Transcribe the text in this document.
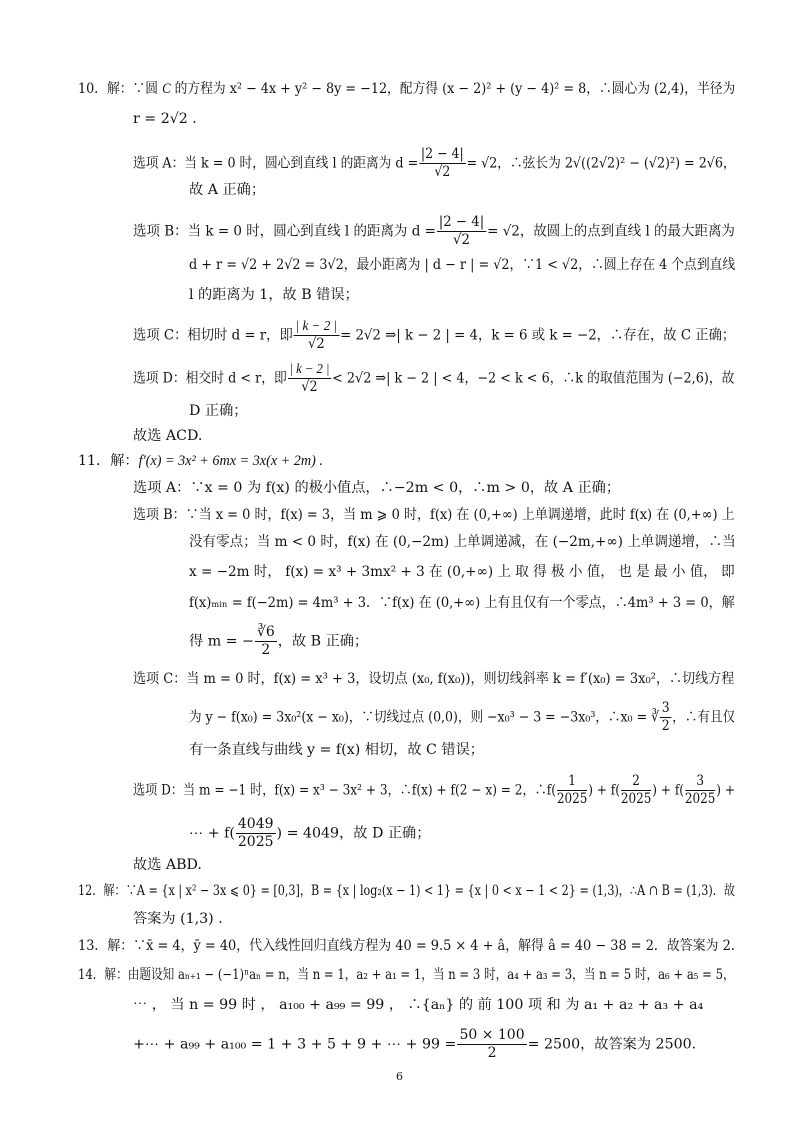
10．解：∵圆 C 的方程为 x² − 4x + y² − 8y = −12，配方得 (x − 2)² + (y − 4)² = 8，∴圆心为 (2,4)，半径为
r = 2√2 .
选项 A：当 k = 0 时，圆心到直线 l 的距离为 $d = \frac{|2 - 4|}{√2} = √2$，∴弦长为 2√((2√2)² − (√2)²) = 2√6，
故 A 正确；
选项 B：当 k = 0 时，圆心到直线 l 的距离为 $d = \frac{|2 - 4|}{√2} = √2$，故圆上的点到直线 l 的最大距离为
d + r = √2 + 2√2 = 3√2，最小距离为 | d − r | = √2，∵1 < √2，∴圆上存在 4 个点到直线
l 的距离为 1，故 B 错误；
选项 C：相切时 d = r，即 $\frac{| k - 2 |}{√2} = 2√2$ ⇒| k − 2 | = 4，k = 6 或 k = −2，∴存在，故 C 正确；
选项 D：相交时 d < r，即 $\frac{| k - 2 |}{√2} < 2√2$ ⇒| k − 2 | < 4，−2 < k < 6，∴k 的取值范围为 (−2,6)，故
D 正确；
故选 ACD.
11．解：f′(x) = 3x² + 6mx = 3x(x + 2m) .
选项 A：∵x = 0 为 f(x) 的极小值点，∴−2m < 0，∴m > 0，故 A 正确；
选项 B：∵当 x = 0 时，f(x) = 3，当 m ⩾ 0 时，f(x) 在 (0,+∞) 上单调递增，此时 f(x) 在 (0,+∞) 上
没有零点；当 m < 0 时，f(x) 在 (0,−2m) 上单调递减，在 (−2m,+∞) 上单调递增，∴当
x = −2m 时， f(x) = x³ + 3mx² + 3 在 (0,+∞) 上 取 得 极 小 值， 也 是 最 小 值， 即
f(x)ₘᵢₙ = f(−2m) = 4m³ + 3．∵f(x) 在 (0,+∞) 上有且仅有一个零点，∴4m³ + 3 = 0，解
得 m = − $\frac{∛6}{2}$ ，故 B 正确；
选项 C：当 m = 0 时，f(x) = x³ + 3，设切点 (x₀, f(x₀))，则切线斜率 k = f′(x₀) = 3x₀²，∴切线方程
为 y − f(x₀) = 3x₀²(x − x₀)，∵切线过点 (0,0)，则 −x₀³ − 3 = −3x₀³，∴x₀ = ∛ $\frac{3}{2}$ ，∴有且仅
有一条直线与曲线 y = f(x) 相切，故 C 错误；
选项 D：当 m = −1 时，f(x) = x³ − 3x² + 3，∴f(x) + f(2 − x) = 2，∴f( $\frac{1}{2025}$ ) + $f( \frac{2}{2025}$ ) + $f( \frac{3}{2025}$ ) +
⋯ + $f( \frac{4049}{2025}$ ) = 4049，故 D 正确；
故选 ABD.
12．解：∵A = {x | x² − 3x ⩽ 0} = [0,3]，B = {x | log₂(x − 1) < 1} = {x | 0 < x − 1 < 2} = (1,3)，∴A ∩ B = (1,3)．故
答案为 (1,3) .
13．解：∵x̄ = 4，ȳ = 40，代入线性回归直线方程为 40 = 9.5 × 4 + â，解得 â = 40 − 38 = 2．故答案为 2.
14．解：由题设知 aₙ₊₁ − (−1)ⁿaₙ = n，当 n = 1，a₂ + a₁ = 1，当 n = 3 时，a₄ + a₃ = 3，当 n = 5 时，a₆ + a₅ = 5，
⋯ ， 当 n = 99 时 ， a₁₀₀ + a₉₉ = 99 ， ∴{aₙ} 的 前 100 项 和 为 a₁ + a₂ + a₃ + a₄
+⋯ + a₉₉ + a₁₀₀ = 1 + 3 + 5 + 9 + ⋯ + $99 = \frac{50 \times 100}{2} = 2500$，故答案为 2500.
6
